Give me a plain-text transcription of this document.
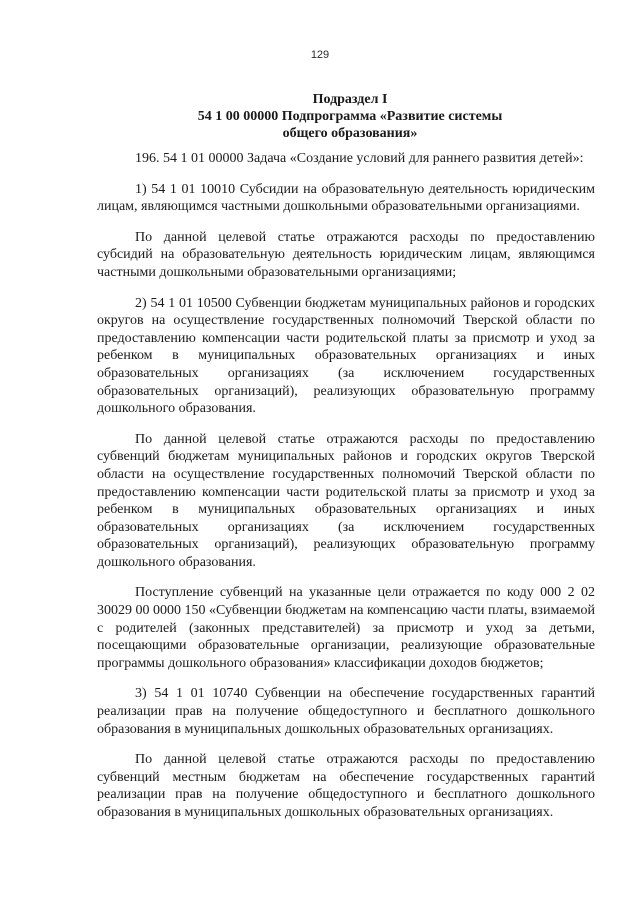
129
Подраздел I
54 1 00 00000 Подпрограмма «Развитие системы
общего образования»

196. 54 1 01 00000 Задача «Создание условий для раннего развития детей»:

1) 54 1 01 10010 Субсидии на образовательную деятельность юридическим лицам, являющимся частными дошкольными образовательными организациями.

По данной целевой статье отражаются расходы по предоставлению субсидий на образовательную деятельность юридическим лицам, являющимся частными дошкольными образовательными организациями;

2) 54 1 01 10500 Субвенции бюджетам муниципальных районов и городских округов на осуществление государственных полномочий Тверской области по предоставлению компенсации части родительской платы за присмотр и уход за ребенком в муниципальных образовательных организациях и иных образовательных организациях (за исключением государственных образовательных организаций), реализующих образовательную программу дошкольного образования.

По данной целевой статье отражаются расходы по предоставлению субвенций бюджетам муниципальных районов и городских округов Тверской области на осуществление государственных полномочий Тверской области по предоставлению компенсации части родительской платы за присмотр и уход за ребенком в муниципальных образовательных организациях и иных образовательных организациях (за исключением государственных образовательных организаций), реализующих образовательную программу дошкольного образования.

Поступление субвенций на указанные цели отражается по коду 000 2 02 30029 00 0000 150 «Субвенции бюджетам на компенсацию части платы, взимаемой с родителей (законных представителей) за присмотр и уход за детьми, посещающими образовательные организации, реализующие образовательные программы дошкольного образования» классификации доходов бюджетов;

3) 54 1 01 10740 Субвенции на обеспечение государственных гарантий реализации прав на получение общедоступного и бесплатного дошкольного образования в муниципальных дошкольных образовательных организациях.

По данной целевой статье отражаются расходы по предоставлению субвенций местным бюджетам на обеспечение государственных гарантий реализации прав на получение общедоступного и бесплатного дошкольного образования в муниципальных дошкольных образовательных организациях.
